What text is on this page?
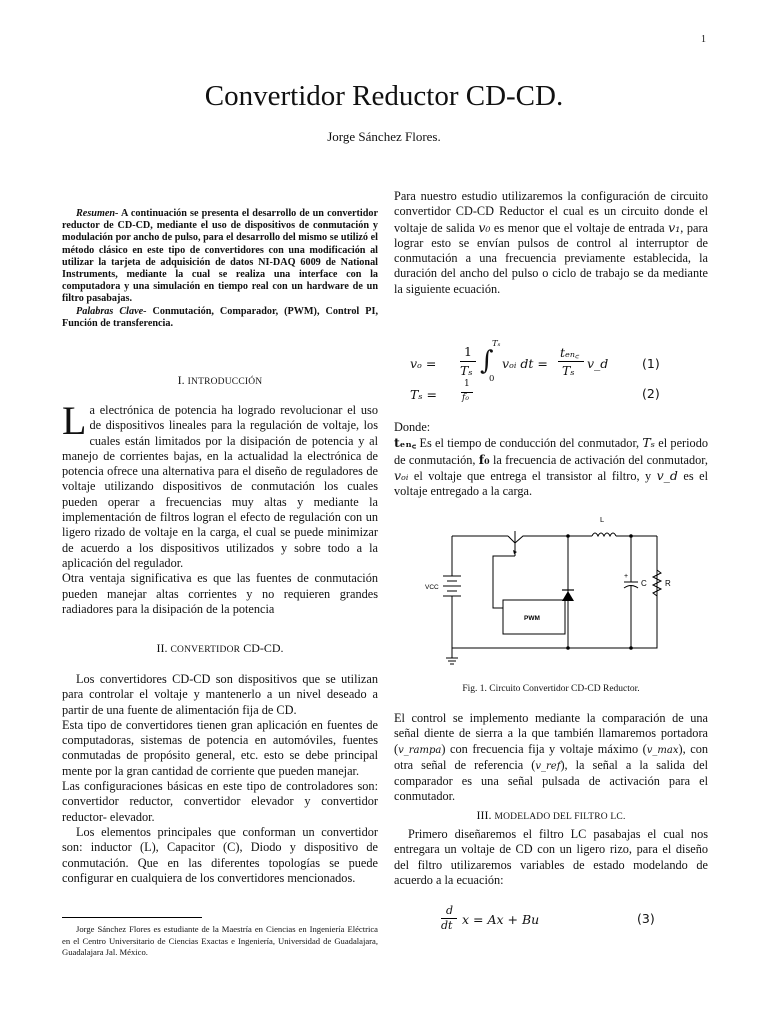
1
Convertidor Reductor CD-CD.
Jorge Sánchez Flores.

Resumen- A continuación se presenta el desarrollo de un convertidor reductor de CD-CD, mediante el uso de dispositivos de conmutación y modulación por ancho de pulso, para el desarrollo del mismo se utilizó el método clásico en este tipo de convertidores con una modificación al utilizar la tarjeta de adquisición de datos NI-DAQ 6009 de National Instruments, mediante la cual se realiza una interface con la computadora y una simulación en tiempo real con un hardware de un filtro pasabajas.

Palabras Clave- Conmutación, Comparador, (PWM), Control PI, Función de transferencia.

I. INTRODUCCIÓN

La electrónica de potencia ha logrado revolucionar el uso de dispositivos lineales para la regulación de voltaje, los cuales están limitados por la disipación de potencia y al manejo de corrientes bajas, en la actualidad la electrónica de potencia ofrece una alternativa para el diseño de reguladores de voltaje utilizando dispositivos de conmutación los cuales pueden operar a frecuencias muy altas y mediante la implementación de filtros logran el efecto de regulación con un ligero rizado de voltaje en la carga, el cual se puede minimizar de acuerdo a los dispositivos utilizados y sobre todo a la aplicación del regulador.

Otra ventaja significativa es que las fuentes de conmutación pueden manejar altas corrientes y no requieren grandes radiadores para la disipación de la potencia

II. CONVERTIDOR CD-CD.

Los convertidores CD-CD son dispositivos que se utilizan para controlar el voltaje y mantenerlo a un nivel deseado a partir de una fuente de alimentación fija de CD.

Esta tipo de convertidores tienen gran aplicación en fuentes de computadoras, sistemas de potencia en automóviles, fuentes conmutadas de propósito general, etc. esto se debe principal mente por la gran cantidad de corriente que pueden manejar.

Las configuraciones básicas en este tipo de controladores son: convertidor reductor, convertidor elevador y convertidor reductor- elevador.

Los elementos principales que conforman un convertidor son: inductor (L), Capacitor (C), Diodo y dispositivo de conmutación. Que en las diferentes topologías se puede configurar en cualquiera de los convertidores mencionados.

Jorge Sánchez Flores es estudiante de la Maestría en Ciencias en Ingeniería Eléctrica en el Centro Universitario de Ciencias Exactas e Ingeniería, Universidad de Guadalajara, Guadalajara Jal. México.
Para nuestro estudio utilizaremos la configuración de circuito convertidor CD-CD Reductor el cual es un circuito donde el voltaje de salida v₀ es menor que el voltaje de entrada v₁, para lograr esto se envían pulsos de control al interruptor de conmutación a una frecuencia previamente establecida, la duración del ancho del pulso o ciclo de trabajo se da mediante la siguiente ecuación.
vₒ =
1
Tₛ ∫
Tₛ
0
vₒᵢ dt =
tₑₙ꜀
Tₛ v_d	(1)
Tₛ =
1
f₀	(2)
Donde:
tₑₙ꜀ Es el tiempo de conducción del conmutador, Tₛ el periodo de conmutación, f₀ la frecuencia de activación del conmutador, vₒᵢ el voltaje que entrega el transistor al filtro, y v_d es el voltaje entregado a la carga.
L
C R
VCC
+
PWM
Fig. 1. Circuito Convertidor CD-CD Reductor.
El control se implemento mediante la comparación de una señal diente de sierra a la que también llamaremos portadora (v_rampa) con frecuencia fija y voltaje máximo (v_max), con otra señal de referencia (v_ref), la señal a la salida del comparador es una señal pulsada de activación para el conmutador.
III. MODELADO DEL FILTRO LC.
Primero diseñaremos el filtro LC pasabajas el cual nos entregara un voltaje de CD con un ligero rizo, para el diseño del filtro utilizaremos variables de estado modelando de acuerdo a la ecuación:
d
dt x = Ax + Bu	(3)
